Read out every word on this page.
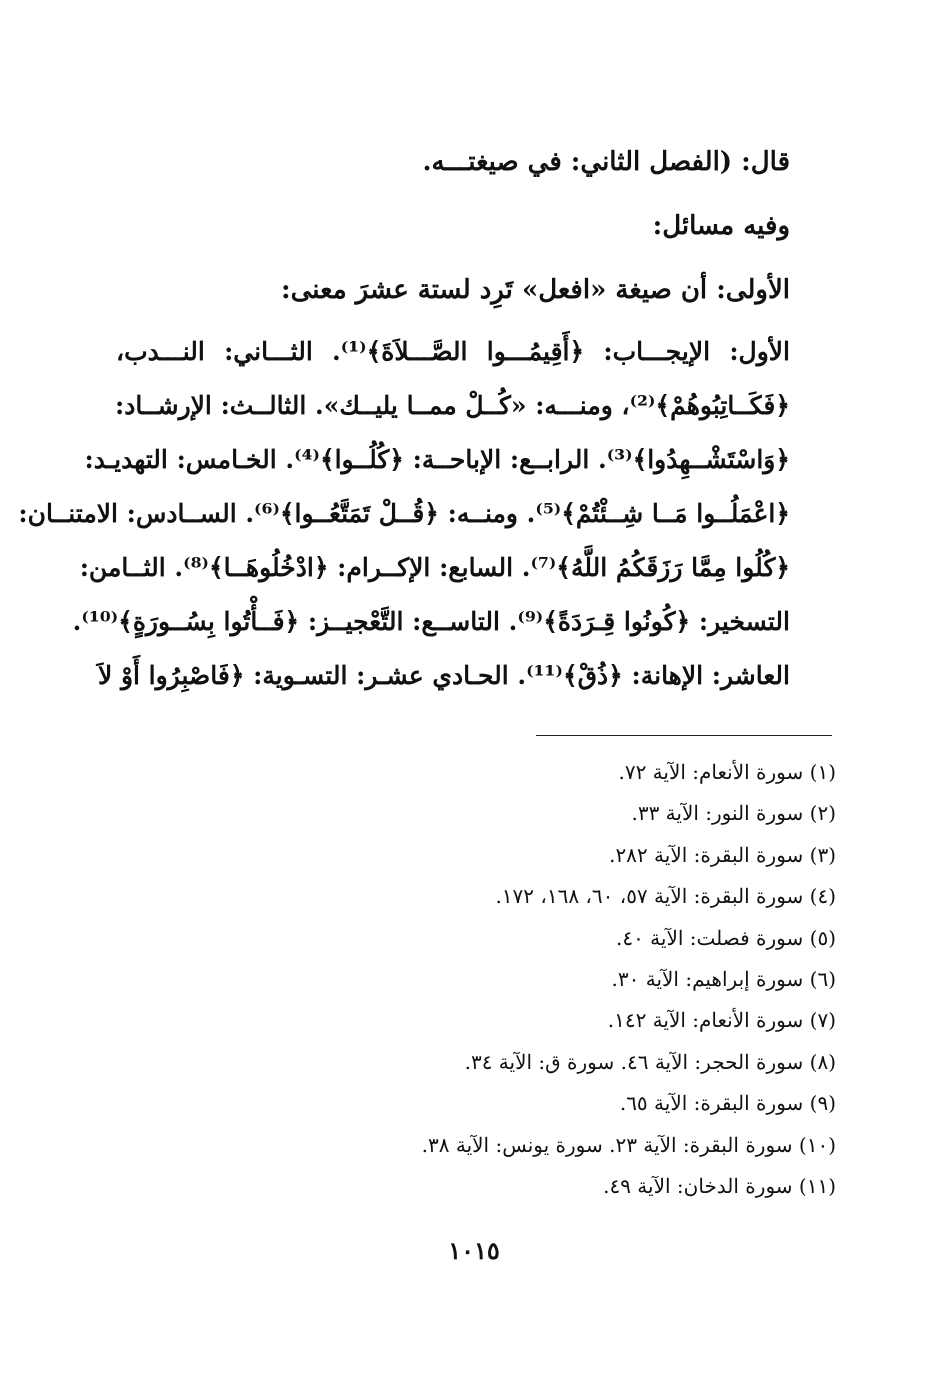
قال: (الفصل الثاني: في صيغتـــه.
وفيه مسائل:
الأولى: أن صيغة «افعل» تَرِد لستة عشرَ معنى:
الأول: الإيجـــاب: ﴿أَقِيمُـــوا الصَّـــلاَةَ﴾⁽¹⁾. الثـــاني: النـــدب،
﴿فَكَــاتِبُوهُمْ﴾⁽²⁾، ومنـــه: «كُــلْ ممــا يليــك». الثالــث: الإرشــاد:
﴿وَاسْتَشْــهِدُوا﴾⁽³⁾. الرابــع: الإباحــة: ﴿كُلُــوا﴾⁽⁴⁾. الخـامس: التهديـد:
﴿اعْمَلُــوا مَــا شِــئْتُمْ﴾⁽⁵⁾. ومنــه: ﴿قُــلْ تَمَتَّعُــوا﴾⁽⁶⁾. الســادس: الامتنــان:
﴿كُلُوا مِمَّا رَزَقَكُمُ اللَّهُ﴾⁽⁷⁾. السابع: الإكــرام: ﴿ادْخُلُوهَــا﴾⁽⁸⁾. الثــامن:
التسخير: ﴿كُونُوا قِـرَدَةً﴾⁽⁹⁾. التاســع: التَّعْجيــز: ﴿فَــأْتُوا بِسُــورَةٍ﴾⁽¹⁰⁾.
العاشر: الإهانة: ﴿ذُقْ﴾⁽¹¹⁾. الحـادي عشـر: التسـوية: ﴿فَاصْبِرُوا أَوْ لاَ
(١) سورة الأنعام: الآية ٧٢.
(٢) سورة النور: الآية ٣٣.
(٣) سورة البقرة: الآية ٢٨٢.
(٤) سورة البقرة: الآية ٥٧، ٦٠، ١٦٨، ١٧٢.
(٥) سورة فصلت: الآية ٤٠.
(٦) سورة إبراهيم: الآية ٣٠.
(٧) سورة الأنعام: الآية ١٤٢.
(٨) سورة الحجر: الآية ٤٦. سورة ق: الآية ٣٤.
(٩) سورة البقرة: الآية ٦٥.
(١٠) سورة البقرة: الآية ٢٣. سورة يونس: الآية ٣٨.
(١١) سورة الدخان: الآية ٤٩.
١٠١٥
